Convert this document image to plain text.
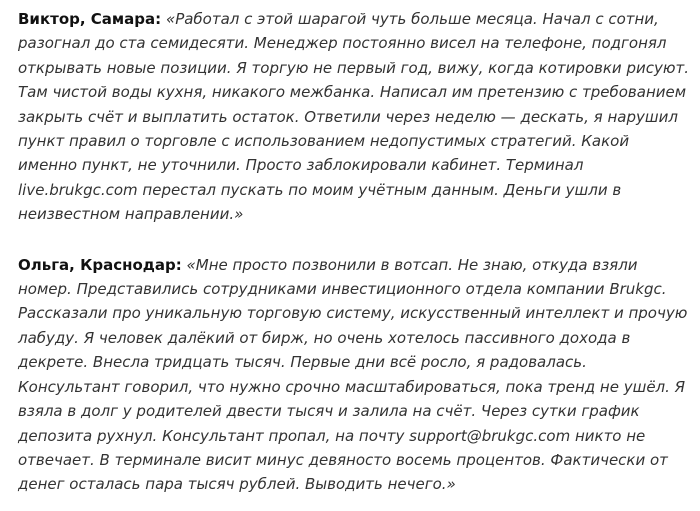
Виктор, Самара: «Работал с этой шарагой чуть больше месяца. Начал с сотни, разогнал до ста семидесяти. Менеджер постоянно висел на телефоне, подгонял открывать новые позиции. Я торгую не первый год, вижу, когда котировки рисуют. Там чистой воды кухня, никакого межбанка. Написал им претензию с требованием закрыть счёт и выплатить остаток. Ответили через неделю — дескать, я нарушил пункт правил о торговле с использованием недопустимых стратегий. Какой именно пункт, не уточнили. Просто заблокировали кабинет. Терминал live.brukgc.com перестал пускать по моим учётным данным. Деньги ушли в неизвестном направлении.»

Ольга, Краснодар: «Мне просто позвонили в вотсап. Не знаю, откуда взяли номер. Представились сотрудниками инвестиционного отдела компании Brukgc. Рассказали про уникальную торговую систему, искусственный интеллект и прочую лабуду. Я человек далёкий от бирж, но очень хотелось пассивного дохода в декрете. Внесла тридцать тысяч. Первые дни всё росло, я радовалась. Консультант говорил, что нужно срочно масштабироваться, пока тренд не ушёл. Я взяла в долг у родителей двести тысяч и залила на счёт. Через сутки график депозита рухнул. Консультант пропал, на почту support@brukgc.com никто не отвечает. В терминале висит минус девяносто восемь процентов. Фактически от денег осталась пара тысяч рублей. Выводить нечего.»
